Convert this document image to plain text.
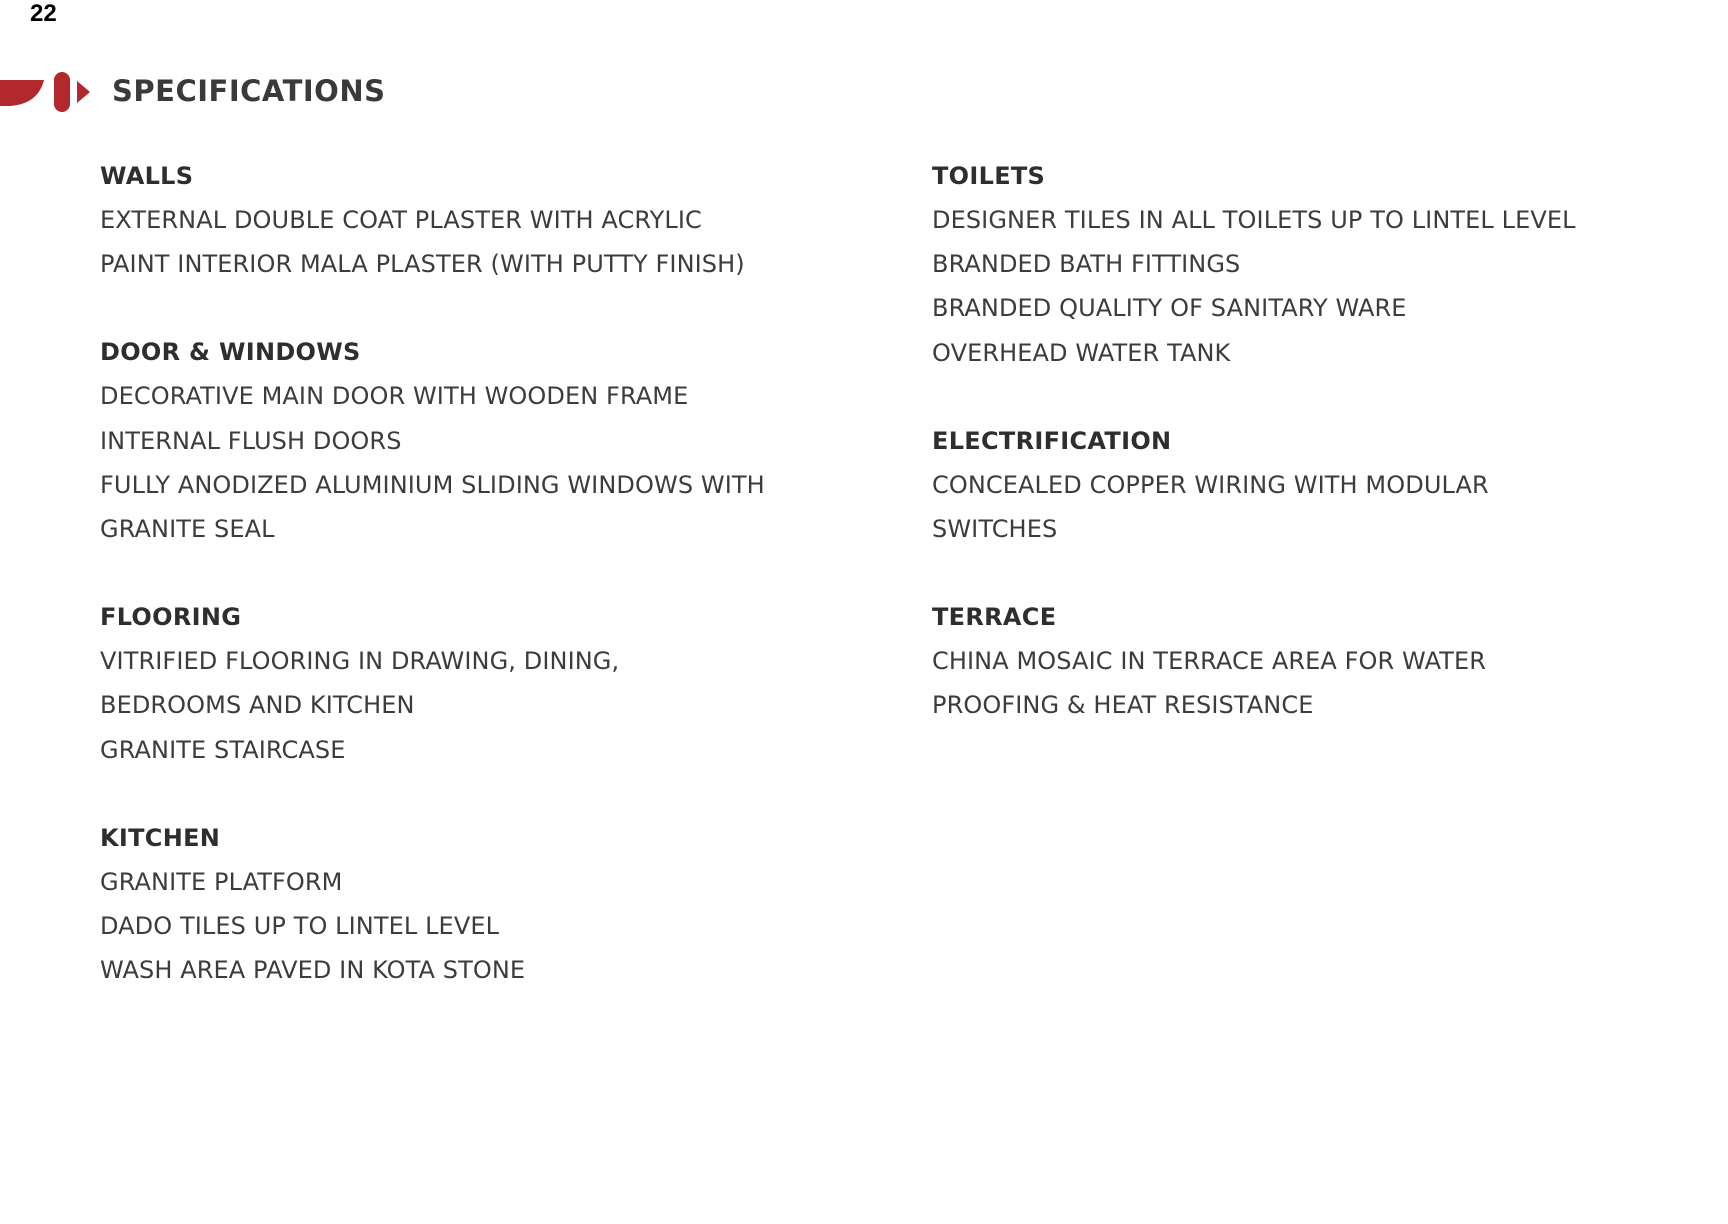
22
SPECIFICATIONS
WALLS
EXTERNAL DOUBLE COAT PLASTER WITH ACRYLIC
PAINT INTERIOR MALA PLASTER (WITH PUTTY FINISH)
DOOR & WINDOWS
DECORATIVE MAIN DOOR WITH WOODEN FRAME
INTERNAL FLUSH DOORS
FULLY ANODIZED ALUMINIUM SLIDING WINDOWS WITH
GRANITE SEAL
FLOORING
VITRIFIED FLOORING IN DRAWING, DINING,
BEDROOMS AND KITCHEN
GRANITE STAIRCASE
KITCHEN
GRANITE PLATFORM
DADO TILES UP TO LINTEL LEVEL
WASH AREA PAVED IN KOTA STONE
TOILETS
DESIGNER TILES IN ALL TOILETS UP TO LINTEL LEVEL
BRANDED BATH FITTINGS
BRANDED QUALITY OF SANITARY WARE
OVERHEAD WATER TANK
ELECTRIFICATION
CONCEALED COPPER WIRING WITH MODULAR
SWITCHES
TERRACE
CHINA MOSAIC IN TERRACE AREA FOR WATER
PROOFING & HEAT RESISTANCE
